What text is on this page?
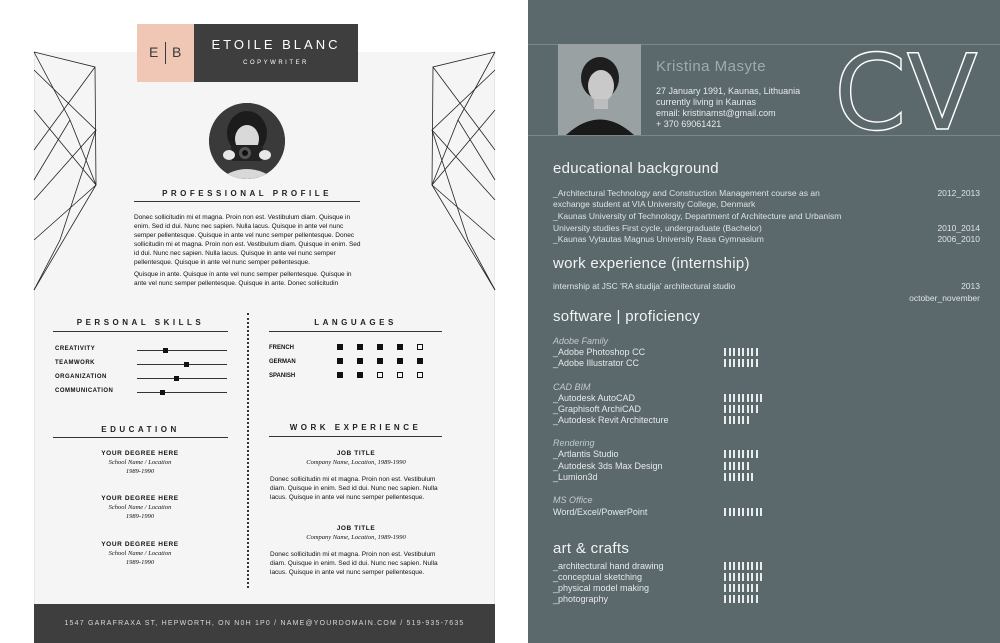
E B	ETOILE BLANC
COPYWRITER
PROFESSIONAL PROFILE
Donec sollicitudin mi et magna. Proin non est. Vestibulum diam. Quisque in enim. Sed id dui. Nunc nec sapien. Nulla lacus. Quisque in ante vel nunc semper pellentesque. Quisque in ante vel nunc semper pellentesque. Donec sollicitudin mi et magna. Proin non est. Vestibulum diam. Quisque in enim. Sed id dui. Nunc nec sapien. Nulla lacus. Quisque in ante vel nunc semper pellentesque. Quisque in ante vel nunc semper pellentesque.
Quisque in ante. Quisque in ante vel nunc semper pellentesque. Quisque in ante vel nunc semper pellentesque. Quisque in ante. Donec sollicitudin
PERSONAL SKILLS
CREATIVITY
TEAMWORK
ORGANIZATION
COMMUNICATION
LANGUAGES
FRENCH
GERMAN
SPANISH
EDUCATION
YOUR DEGREE HERE
School Name / Location
1989-1990
YOUR DEGREE HERE
School Name / Location
1989-1990
YOUR DEGREE HERE
School Name / Location
1989-1990
WORK EXPERIENCE
JOB TITLE
Company Name, Location, 1989-1990
Donec sollicitudin mi et magna. Proin non est. Vestibulum diam. Quisque in enim. Sed id dui. Nunc nec sapien. Nulla lacus. Quisque in ante vel nunc semper pellentesque.
JOB TITLE
Company Name, Location, 1989-1990
Donec sollicitudin mi et magna. Proin non est. Vestibulum diam. Quisque in enim. Sed id dui. Nunc nec sapien. Nulla lacus. Quisque in ante vel nunc semper pellentesque.
1547 GARAFRAXA ST, HEPWORTH, ON N0H 1P0 / NAME@YOURDOMAIN.COM / 519-935-7635
Kristina Masyte
27 January 1991, Kaunas, Lithuania
currently living in Kaunas
email: kristinamst@gmail.com
+ 370 69061421 CV
educational background
_Architectural Technology and Construction Management course as an
exchange student at VIA University College, Denmark
_Kaunas University of Technology, Department of Architecture and Urbanism
University studies First cycle, undergraduate (Bachelor)
_Kaunas Vytautas Magnus University Rasa Gymnasium
2012_2013
2010_2014
2006_2010
work experience (internship)
internship at JSC 'RA studija' architectural studio	2013
october_november
software | proficiency
Adobe Family
_Adobe Photoshop CC
_Adobe Illustrator CC
CAD BIM
_Autodesk AutoCAD
_Graphisoft ArchiCAD
_Autodesk Revit Architecture
Rendering
_Artlantis Studio
_Autodesk 3ds Max Design
_Lumion3d
MS Office
Word/Excel/PowerPoint
art & crafts
_architectural hand drawing
_conceptual sketching
_physical model making
_photography
